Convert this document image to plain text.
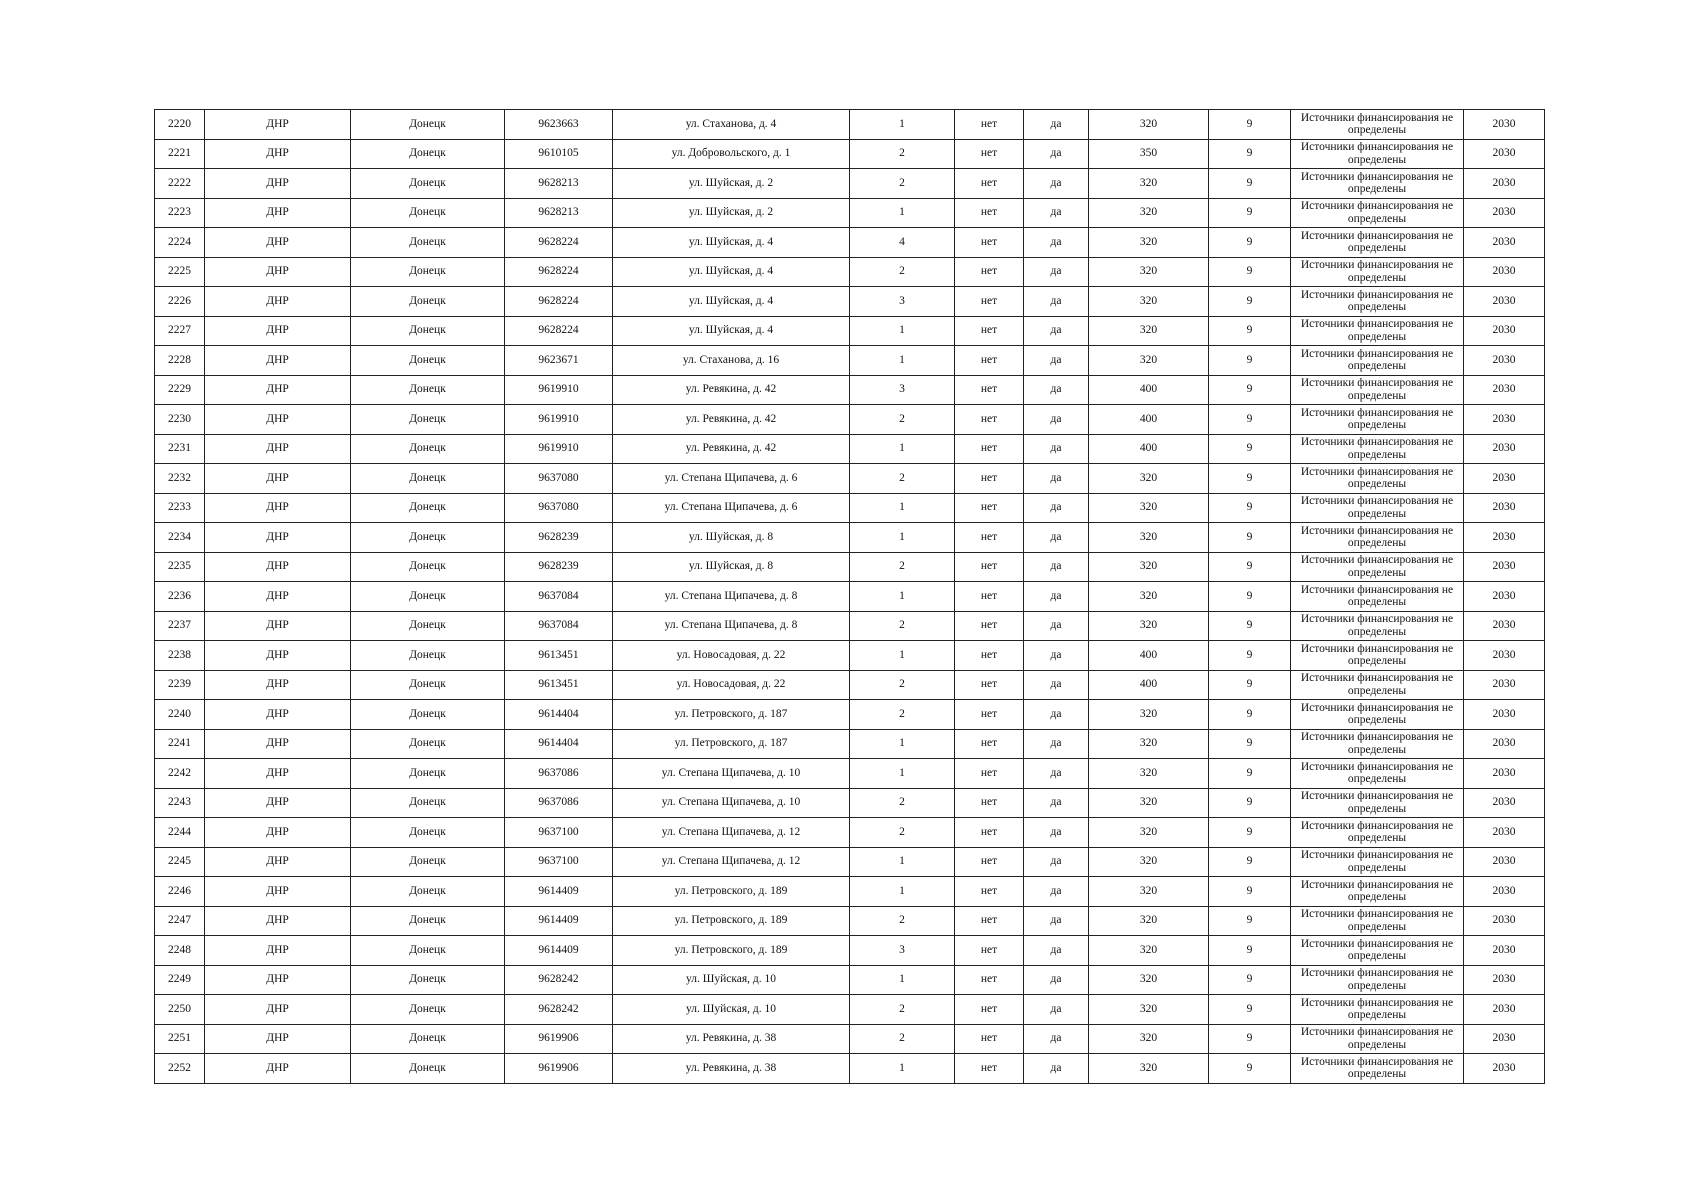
2220	ДНР	Донецк	9623663	ул. Стаханова, д. 4	1	нет	да	320	9	Источники финансирования не определены	2030
2221	ДНР	Донецк	9610105	ул. Добровольского, д. 1	2	нет	да	350	9	Источники финансирования не определены	2030
2222	ДНР	Донецк	9628213	ул. Шуйская, д. 2	2	нет	да	320	9	Источники финансирования не определены	2030
2223	ДНР	Донецк	9628213	ул. Шуйская, д. 2	1	нет	да	320	9	Источники финансирования не определены	2030
2224	ДНР	Донецк	9628224	ул. Шуйская, д. 4	4	нет	да	320	9	Источники финансирования не определены	2030
2225	ДНР	Донецк	9628224	ул. Шуйская, д. 4	2	нет	да	320	9	Источники финансирования не определены	2030
2226	ДНР	Донецк	9628224	ул. Шуйская, д. 4	3	нет	да	320	9	Источники финансирования не определены	2030
2227	ДНР	Донецк	9628224	ул. Шуйская, д. 4	1	нет	да	320	9	Источники финансирования не определены	2030
2228	ДНР	Донецк	9623671	ул. Стаханова, д. 16	1	нет	да	320	9	Источники финансирования не определены	2030
2229	ДНР	Донецк	9619910	ул. Ревякина, д. 42	3	нет	да	400	9	Источники финансирования не определены	2030
2230	ДНР	Донецк	9619910	ул. Ревякина, д. 42	2	нет	да	400	9	Источники финансирования не определены	2030
2231	ДНР	Донецк	9619910	ул. Ревякина, д. 42	1	нет	да	400	9	Источники финансирования не определены	2030
2232	ДНР	Донецк	9637080	ул. Степана Щипачева, д. 6	2	нет	да	320	9	Источники финансирования не определены	2030
2233	ДНР	Донецк	9637080	ул. Степана Щипачева, д. 6	1	нет	да	320	9	Источники финансирования не определены	2030
2234	ДНР	Донецк	9628239	ул. Шуйская, д. 8	1	нет	да	320	9	Источники финансирования не определены	2030
2235	ДНР	Донецк	9628239	ул. Шуйская, д. 8	2	нет	да	320	9	Источники финансирования не определены	2030
2236	ДНР	Донецк	9637084	ул. Степана Щипачева, д. 8	1	нет	да	320	9	Источники финансирования не определены	2030
2237	ДНР	Донецк	9637084	ул. Степана Щипачева, д. 8	2	нет	да	320	9	Источники финансирования не определены	2030
2238	ДНР	Донецк	9613451	ул. Новосадовая, д. 22	1	нет	да	400	9	Источники финансирования не определены	2030
2239	ДНР	Донецк	9613451	ул. Новосадовая, д. 22	2	нет	да	400	9	Источники финансирования не определены	2030
2240	ДНР	Донецк	9614404	ул. Петровского, д. 187	2	нет	да	320	9	Источники финансирования не определены	2030
2241	ДНР	Донецк	9614404	ул. Петровского, д. 187	1	нет	да	320	9	Источники финансирования не определены	2030
2242	ДНР	Донецк	9637086	ул. Степана Щипачева, д. 10	1	нет	да	320	9	Источники финансирования не определены	2030
2243	ДНР	Донецк	9637086	ул. Степана Щипачева, д. 10	2	нет	да	320	9	Источники финансирования не определены	2030
2244	ДНР	Донецк	9637100	ул. Степана Щипачева, д. 12	2	нет	да	320	9	Источники финансирования не определены	2030
2245	ДНР	Донецк	9637100	ул. Степана Щипачева, д. 12	1	нет	да	320	9	Источники финансирования не определены	2030
2246	ДНР	Донецк	9614409	ул. Петровского, д. 189	1	нет	да	320	9	Источники финансирования не определены	2030
2247	ДНР	Донецк	9614409	ул. Петровского, д. 189	2	нет	да	320	9	Источники финансирования не определены	2030
2248	ДНР	Донецк	9614409	ул. Петровского, д. 189	3	нет	да	320	9	Источники финансирования не определены	2030
2249	ДНР	Донецк	9628242	ул. Шуйская, д. 10	1	нет	да	320	9	Источники финансирования не определены	2030
2250	ДНР	Донецк	9628242	ул. Шуйская, д. 10	2	нет	да	320	9	Источники финансирования не определены	2030
2251	ДНР	Донецк	9619906	ул. Ревякина, д. 38	2	нет	да	320	9	Источники финансирования не определены	2030
2252	ДНР	Донецк	9619906	ул. Ревякина, д. 38	1	нет	да	320	9	Источники финансирования не определены	2030
